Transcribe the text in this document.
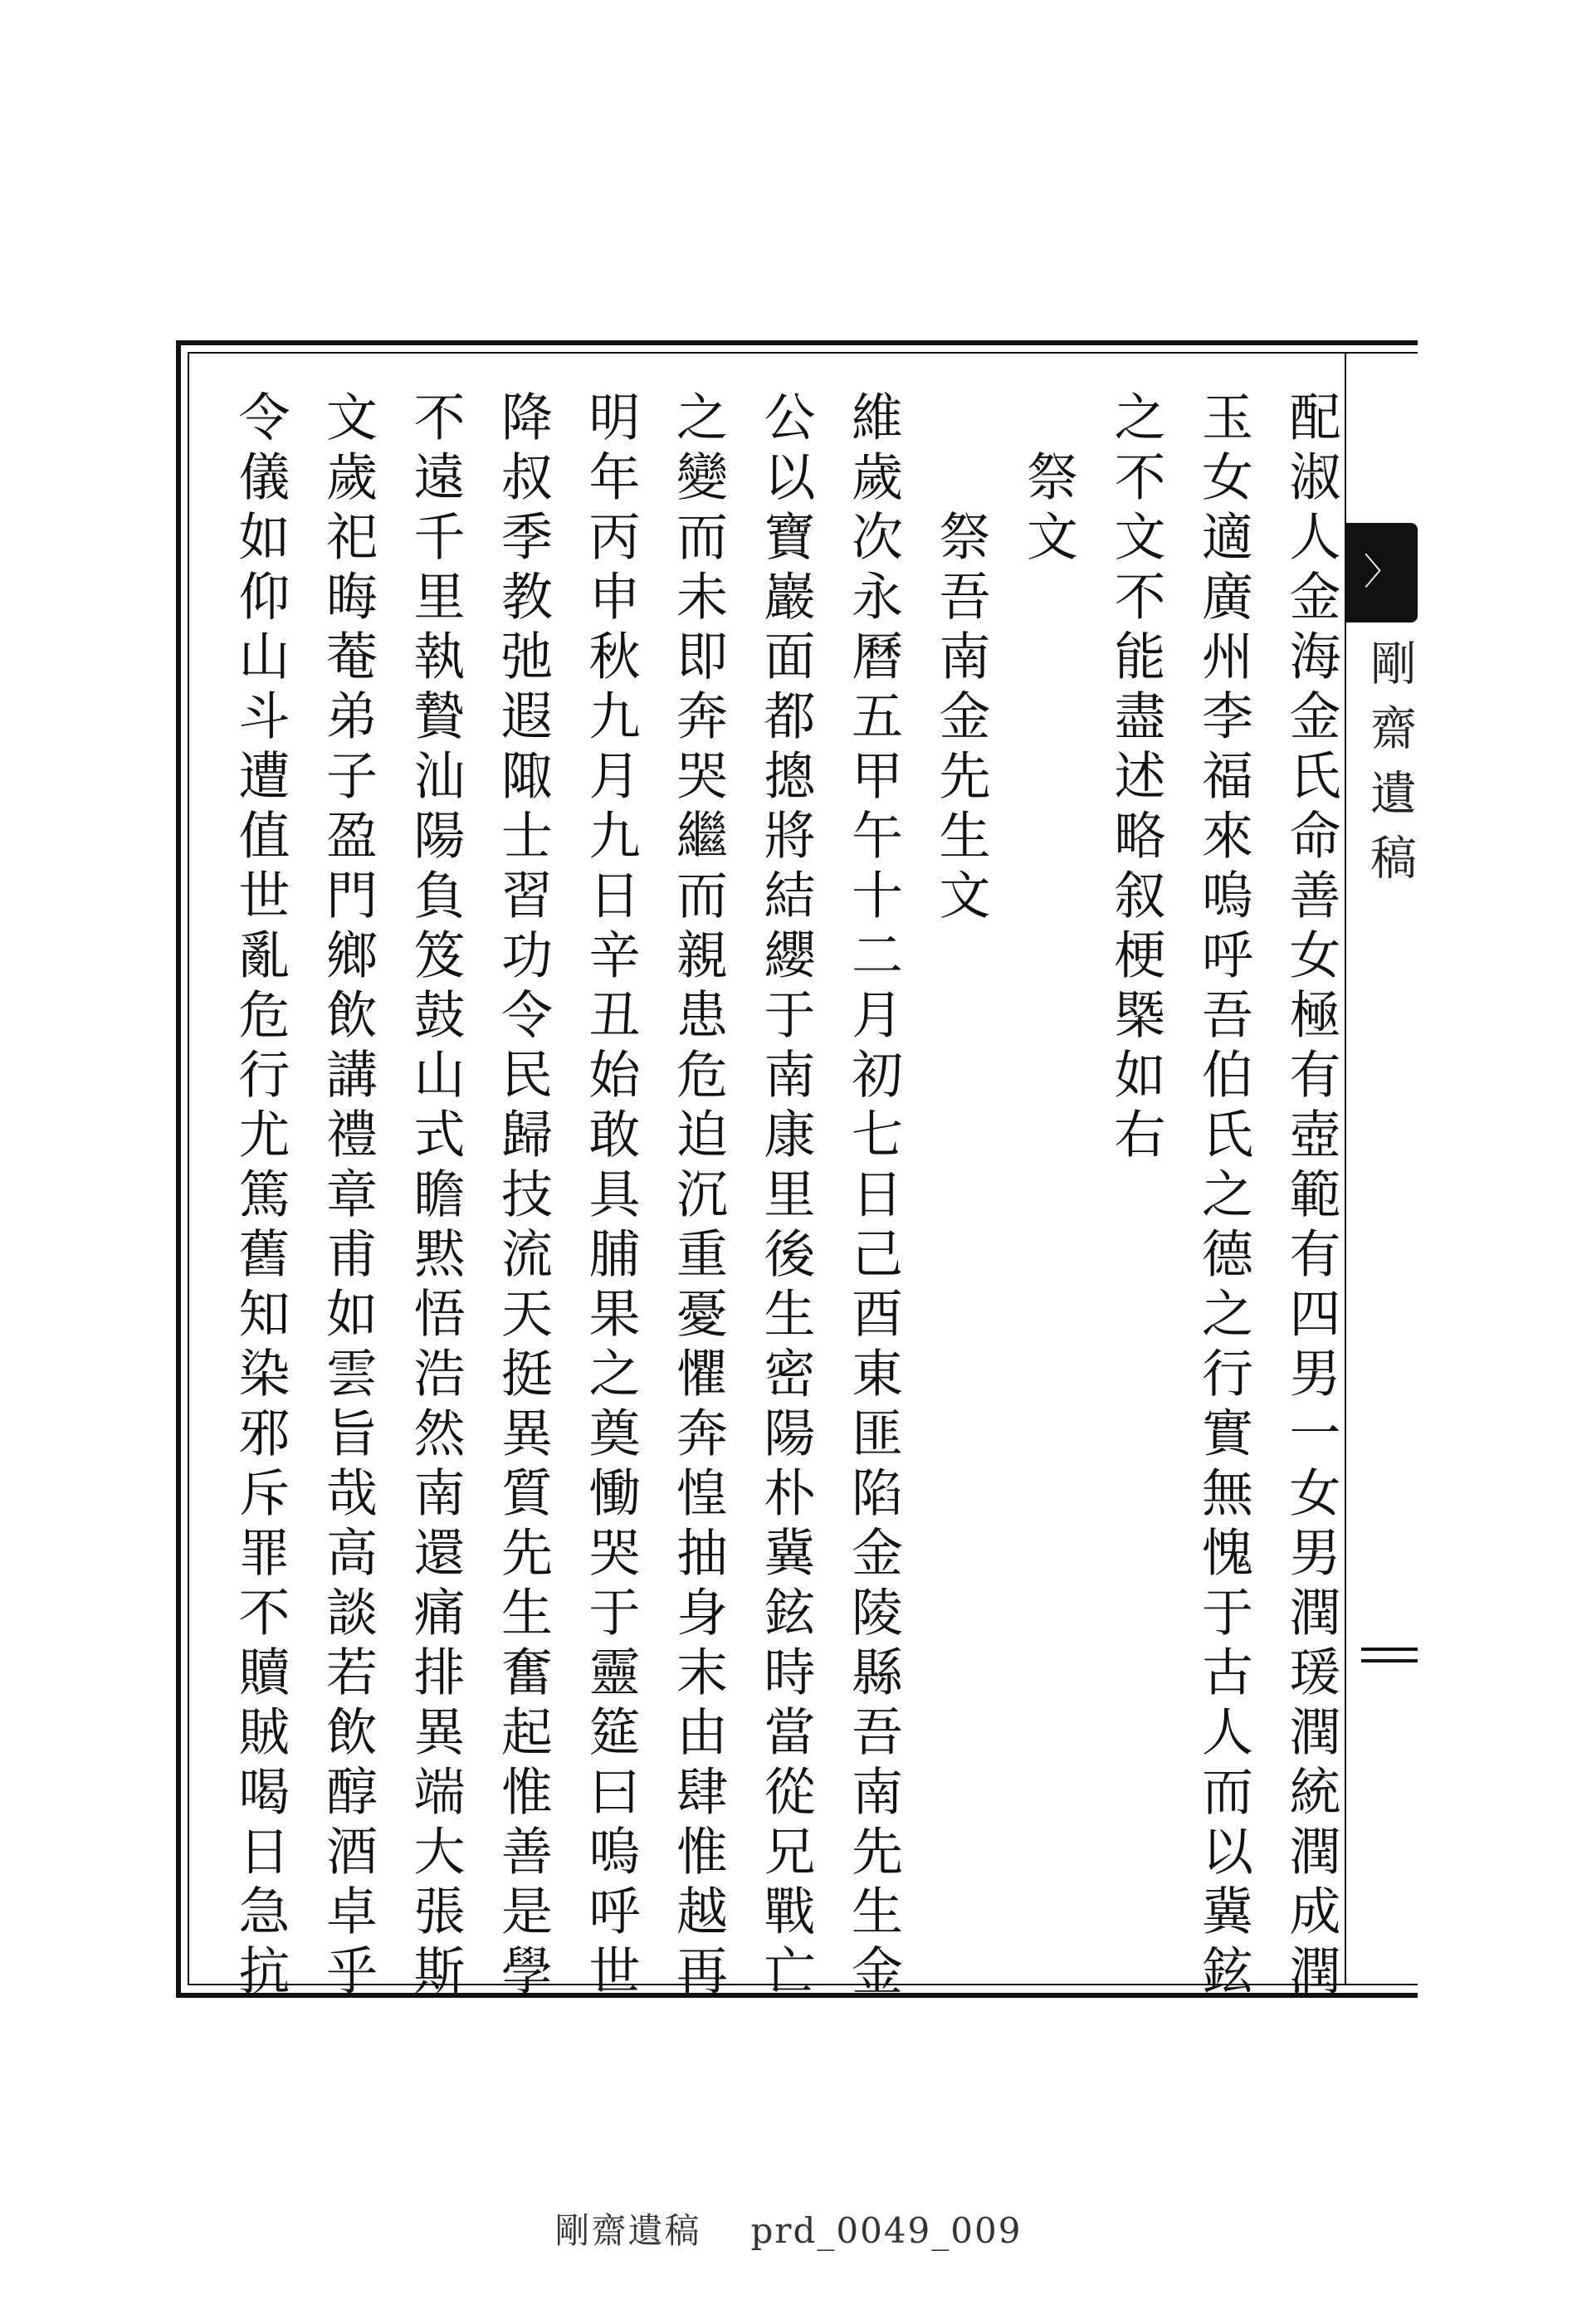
〉
剛齋遺稿

配淑人金海金氏命善女極有壺範有四男一女男潤瑗潤統潤成潤

玉女適廣州李福來嗚呼吾伯氏之德之行實無愧于古人而以冀鉉

之不文不能盡述略叙梗槩如右

祭文

祭吾南金先生文

維歲次永曆五甲午十二月初七日己酉東匪陷金陵縣吾南先生金

公以寶巖面都摠將結纓于南康里後生密陽朴冀鉉時當從兄戰亡

之變而未即奔哭繼而親患危迫沉重憂懼奔惶抽身末由肆惟越再

明年丙申秋九月九日辛丑始敢具脯果之奠慟哭于靈筵曰嗚呼世

降叔季教弛遐陬士習功令民歸技流天挺異質先生奮起惟善是學

不遠千里執贄汕陽負笈鼓山式瞻黙悟浩然南還痛排異端大張斯

文歲祀晦菴弟子盈門鄉飲講禮章甫如雲旨哉高談若飲醇酒卓乎

令儀如仰山斗遭值世亂危行尤篤舊知染邪斥罪不贖賊喝日急抗

剛齋遺稿 prd_0049_009
